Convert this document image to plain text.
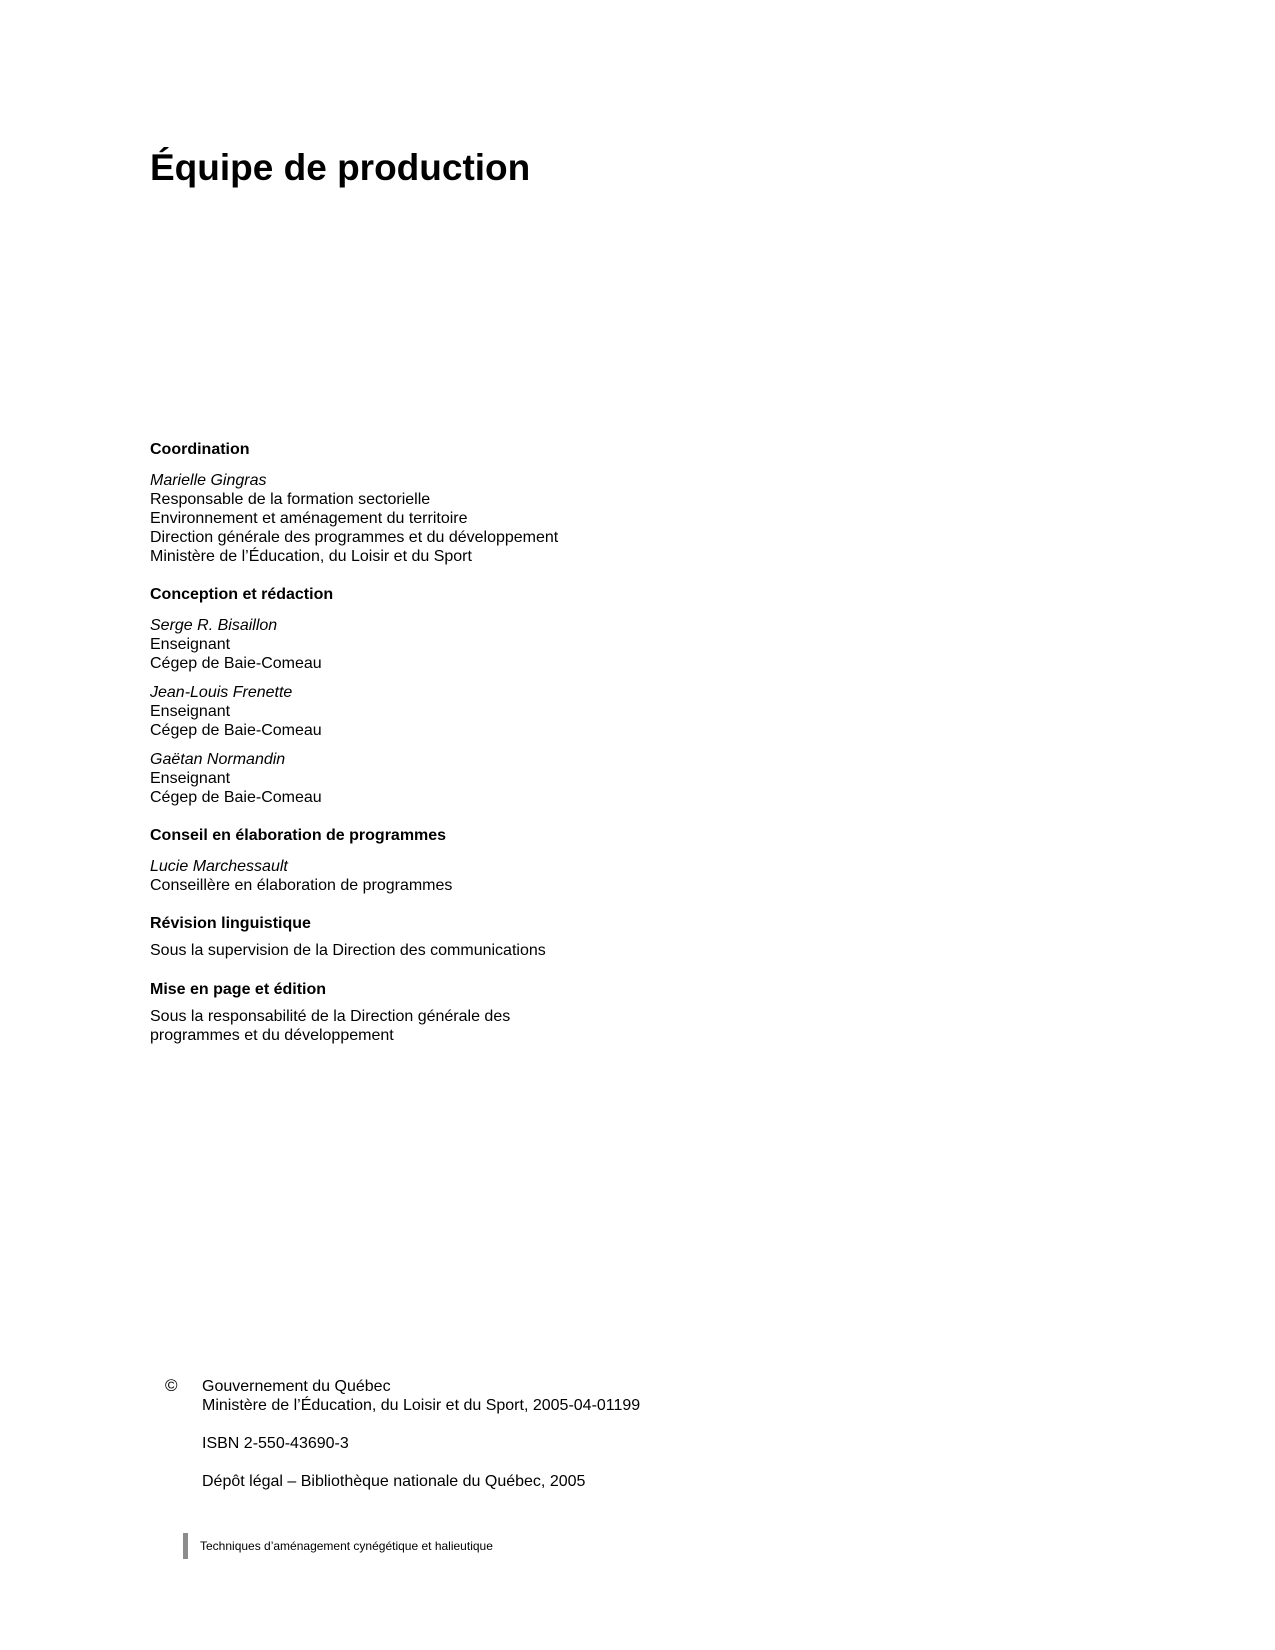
Équipe de production
Coordination
Marielle Gingras
Responsable de la formation sectorielle
Environnement et aménagement du territoire
Direction générale des programmes et du développement
Ministère de l’Éducation, du Loisir et du Sport
Conception et rédaction
Serge R. Bisaillon
Enseignant
Cégep de Baie-Comeau
Jean-Louis Frenette
Enseignant
Cégep de Baie-Comeau
Gaëtan Normandin
Enseignant
Cégep de Baie-Comeau
Conseil en élaboration de programmes
Lucie Marchessault
Conseillère en élaboration de programmes
Révision linguistique
Sous la supervision de la Direction des communications
Mise en page et édition
Sous la responsabilité de la Direction générale des
programmes et du développement
© Gouvernement du Québec
Ministère de l’Éducation, du Loisir et du Sport, 2005-04-01199
ISBN 2-550-43690-3
Dépôt légal – Bibliothèque nationale du Québec, 2005
Techniques d’aménagement cynégétique et halieutique
